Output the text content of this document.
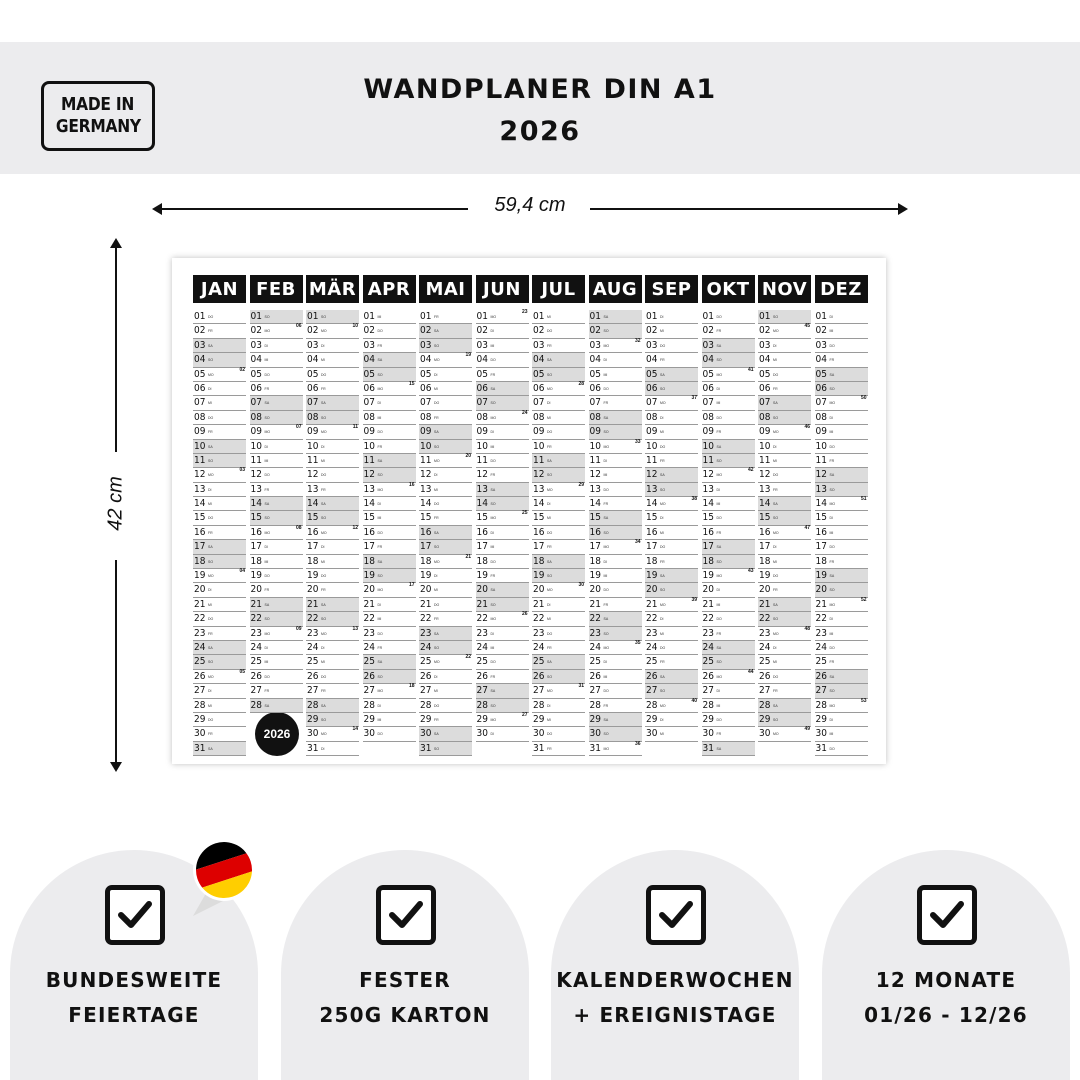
MADE IN
GERMANY
WANDPLANER DIN A1
2026
59,4 cm
42 cm
2026
JAN
01 DO
02 FR
03 SA
04 SO
05 MO
02
06 DI
07 MI
08 DO
09 FR
10 SA
11 SO
12 MO
03
13 DI
14 MI
15 DO
16 FR
17 SA
18 SO
19 MO
04
20 DI
21 MI
22 DO
23 FR
24 SA
25 SO
26 MO
05
27 DI
28 MI
29 DO
30 FR
31 SA
FEB
01 SO
02 MO
06
03 DI
04 MI
05 DO
06 FR
07 SA
08 SO
09 MO
07
10 DI
11 MI
12 DO
13 FR
14 SA
15 SO
16 MO
08
17 DI
18 MI
19 DO
20 FR
21 SA
22 SO
23 MO
09
24 DI
25 MI
26 DO
27 FR
28 SA
MÄR
01 SO
02 MO
10
03 DI
04 MI
05 DO
06 FR
07 SA
08 SO
09 MO
11
10 DI
11 MI
12 DO
13 FR
14 SA
15 SO
16 MO
12
17 DI
18 MI
19 DO
20 FR
21 SA
22 SO
23 MO
13
24 DI
25 MI
26 DO
27 FR
28 SA
29 SO
30 MO
14
31 DI
APR
01 MI
02 DO
03 FR
04 SA
05 SO
06 MO
15
07 DI
08 MI
09 DO
10 FR
11 SA
12 SO
13 MO
16
14 DI
15 MI
16 DO
17 FR
18 SA
19 SO
20 MO
17
21 DI
22 MI
23 DO
24 FR
25 SA
26 SO
27 MO
18
28 DI
29 MI
30 DO
MAI
01 FR
02 SA
03 SO
04 MO
19
05 DI
06 MI
07 DO
08 FR
09 SA
10 SO
11 MO
20
12 DI
13 MI
14 DO
15 FR
16 SA
17 SO
18 MO
21
19 DI
20 MI
21 DO
22 FR
23 SA
24 SO
25 MO
22
26 DI
27 MI
28 DO
29 FR
30 SA
31 SO
JUN
01 MO
23
02 DI
03 MI
04 DO
05 FR
06 SA
07 SO
08 MO
24
09 DI
10 MI
11 DO
12 FR
13 SA
14 SO
15 MO
25
16 DI
17 MI
18 DO
19 FR
20 SA
21 SO
22 MO
26
23 DI
24 MI
25 DO
26 FR
27 SA
28 SO
29 MO
27
30 DI
JUL
01 MI
02 DO
03 FR
04 SA
05 SO
06 MO
28
07 DI
08 MI
09 DO
10 FR
11 SA
12 SO
13 MO
29
14 DI
15 MI
16 DO
17 FR
18 SA
19 SO
20 MO
30
21 DI
22 MI
23 DO
24 FR
25 SA
26 SO
27 MO
31
28 DI
29 MI
30 DO
31 FR
AUG
01 SA
02 SO
03 MO
32
04 DI
05 MI
06 DO
07 FR
08 SA
09 SO
10 MO
33
11 DI
12 MI
13 DO
14 FR
15 SA
16 SO
17 MO
34
18 DI
19 MI
20 DO
21 FR
22 SA
23 SO
24 MO
35
25 DI
26 MI
27 DO
28 FR
29 SA
30 SO
31 MO
36
SEP
01 DI
02 MI
03 DO
04 FR
05 SA
06 SO
07 MO
37
08 DI
09 MI
10 DO
11 FR
12 SA
13 SO
14 MO
38
15 DI
16 MI
17 DO
18 FR
19 SA
20 SO
21 MO
39
22 DI
23 MI
24 DO
25 FR
26 SA
27 SO
28 MO
40
29 DI
30 MI
OKT
01 DO
02 FR
03 SA
04 SO
05 MO
41
06 DI
07 MI
08 DO
09 FR
10 SA
11 SO
12 MO
42
13 DI
14 MI
15 DO
16 FR
17 SA
18 SO
19 MO
43
20 DI
21 MI
22 DO
23 FR
24 SA
25 SO
26 MO
44
27 DI
28 MI
29 DO
30 FR
31 SA
NOV
01 SO
02 MO
45
03 DI
04 MI
05 DO
06 FR
07 SA
08 SO
09 MO
46
10 DI
11 MI
12 DO
13 FR
14 SA
15 SO
16 MO
47
17 DI
18 MI
19 DO
20 FR
21 SA
22 SO
23 MO
48
24 DI
25 MI
26 DO
27 FR
28 SA
29 SO
30 MO
49
DEZ
01 DI
02 MI
03 DO
04 FR
05 SA
06 SO
07 MO
50
08 DI
09 MI
10 DO
11 FR
12 SA
13 SO
14 MO
51
15 DI
16 MI
17 DO
18 FR
19 SA
20 SO
21 MO
52
22 DI
23 MI
24 DO
25 FR
26 SA
27 SO
28 MO
53
29 DI
30 MI
31 DO
BUNDESWEITE
FEIERTAGE
FESTER
250G KARTON
KALENDERWOCHEN
+ EREIGNISTAGE
12 MONATE
01/26 - 12/26
